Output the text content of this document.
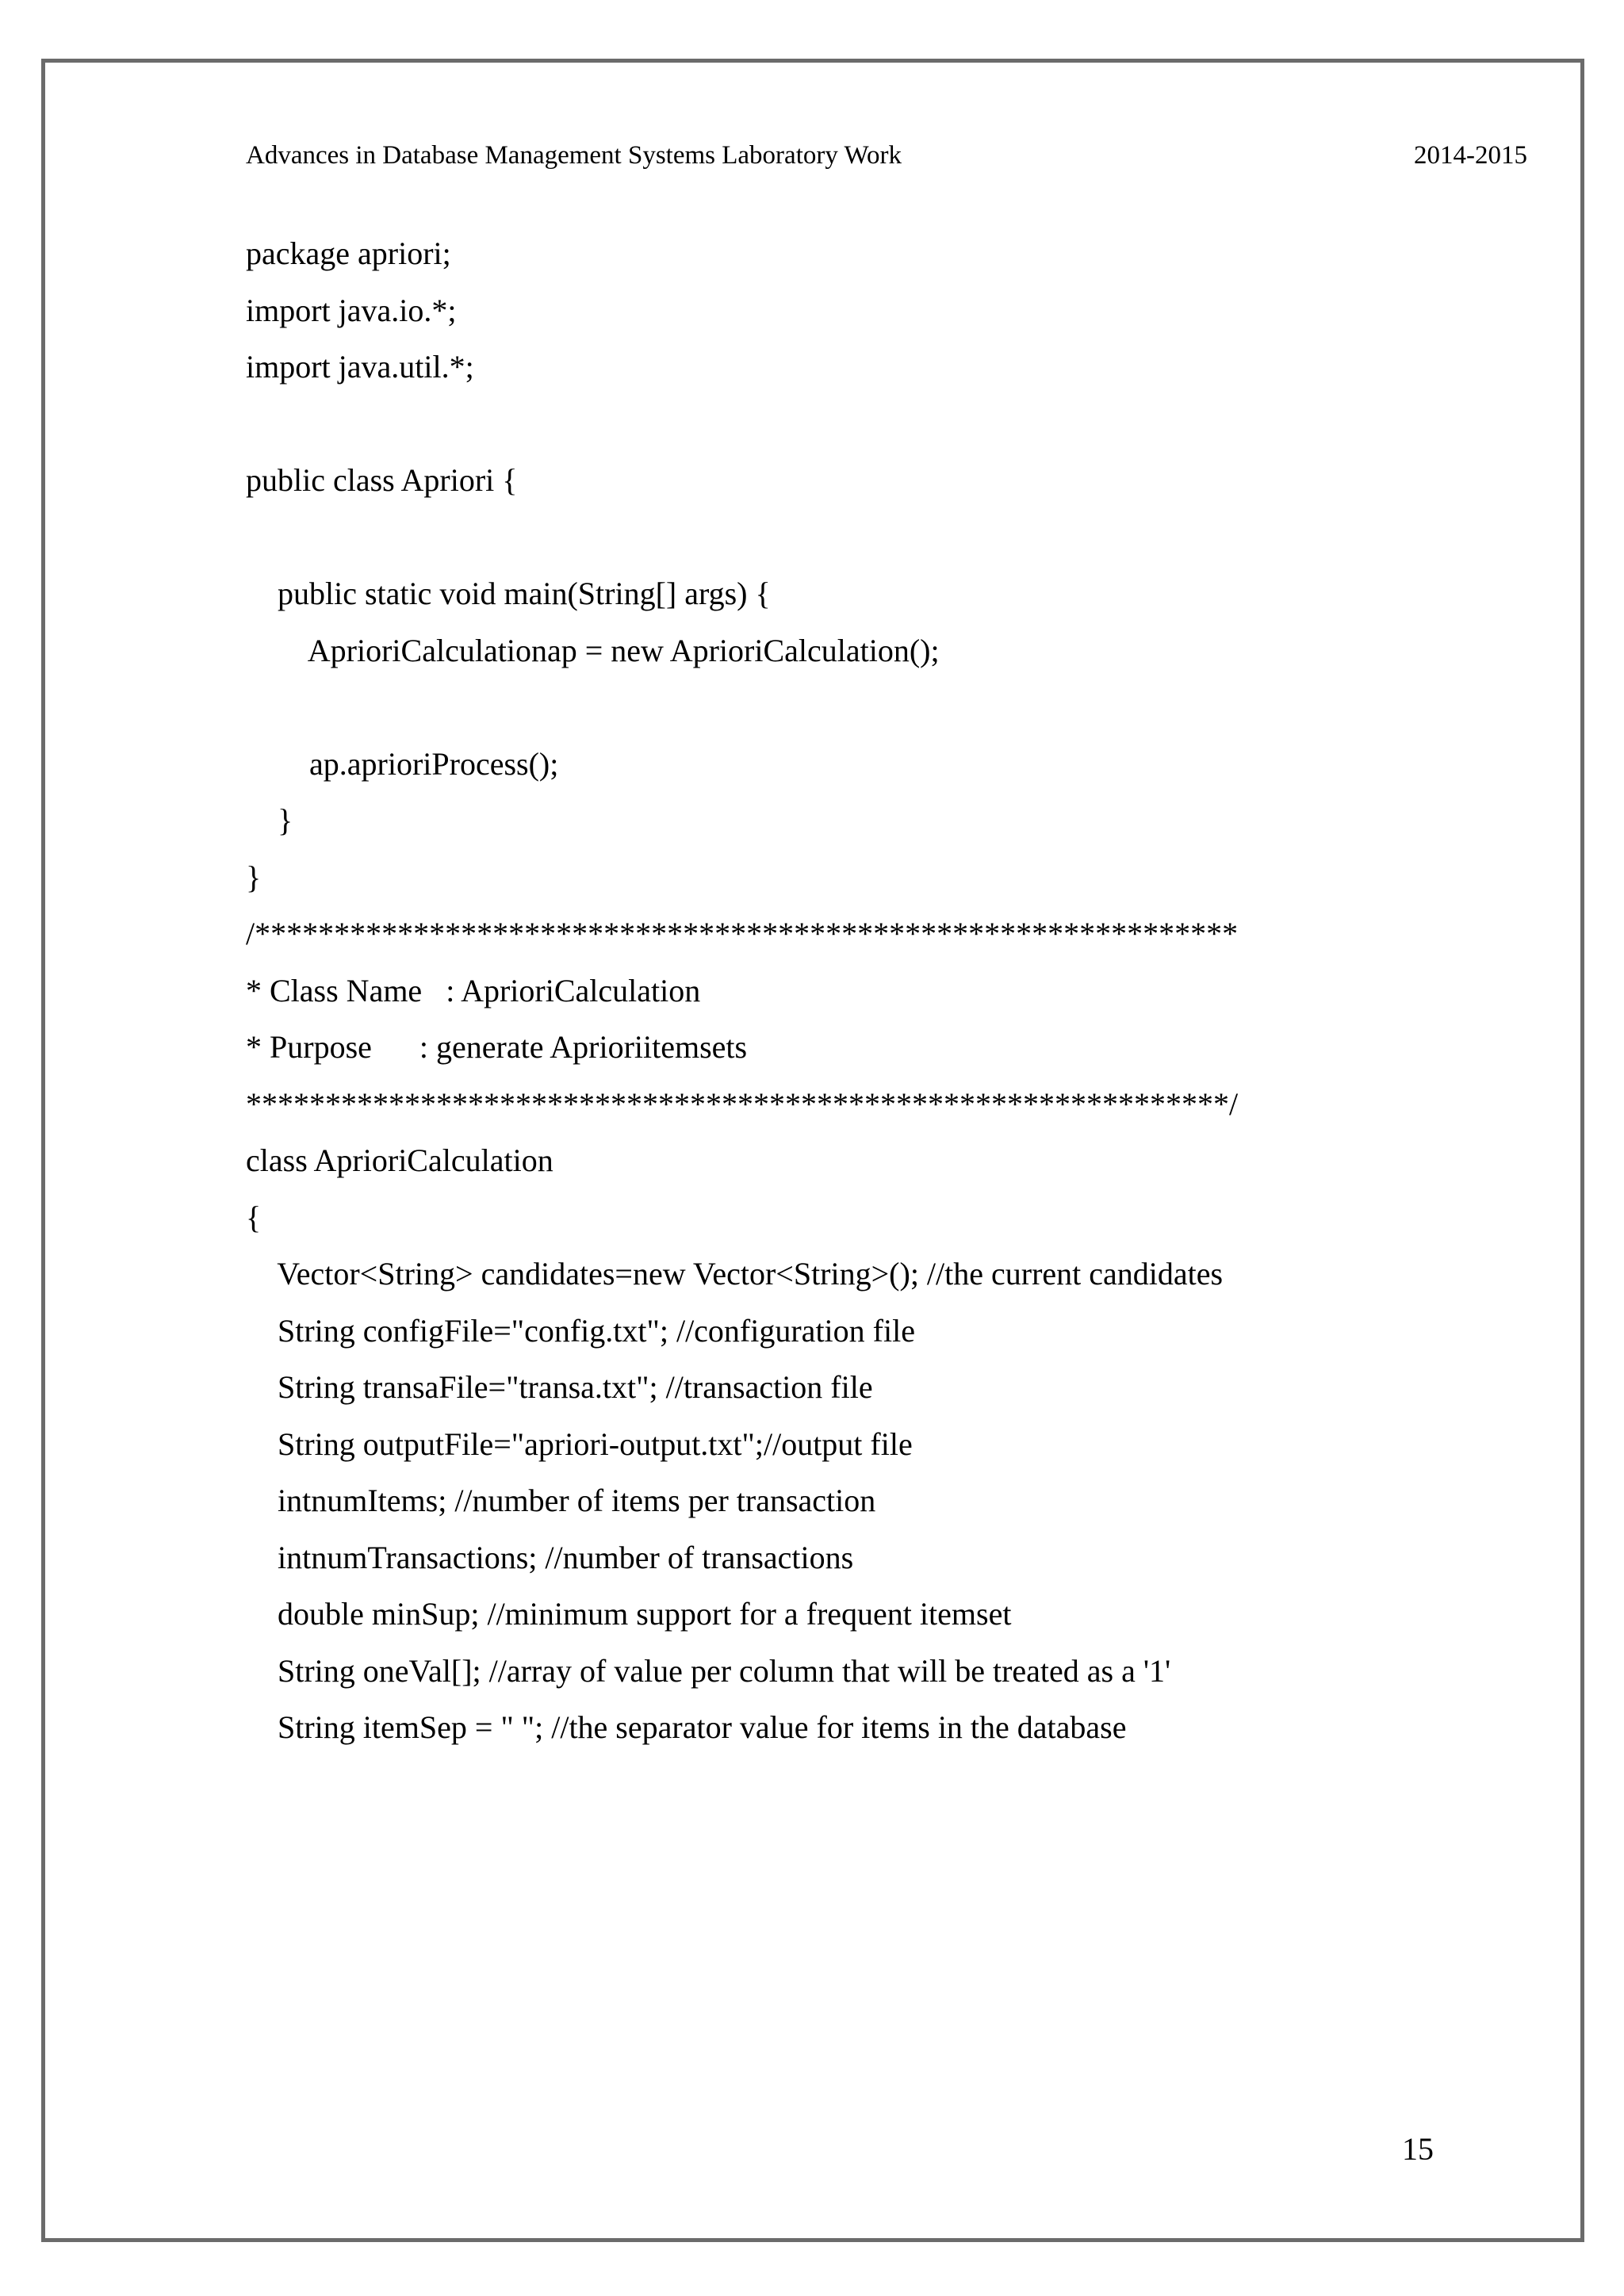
Advances in Database Management Systems Laboratory Work	2014-2015
package apriori;
import java.io.*;
import java.util.*;
public class Apriori {
public static void main(String[] args) {
AprioriCalculationap = new AprioriCalculation();
ap.aprioriProcess();
}
}
/**************************************************************
* Class Name   : AprioriCalculation
* Purpose      : generate Aprioriitemsets
**************************************************************/
class AprioriCalculation
{
Vector<String> candidates=new Vector<String>(); //the current candidates
String configFile="config.txt"; //configuration file
String transaFile="transa.txt"; //transaction file
String outputFile="apriori-output.txt";//output file
intnumItems; //number of items per transaction
intnumTransactions; //number of transactions
double minSup; //minimum support for a frequent itemset
String oneVal[]; //array of value per column that will be treated as a '1'
String itemSep = " "; //the separator value for items in the database
15
